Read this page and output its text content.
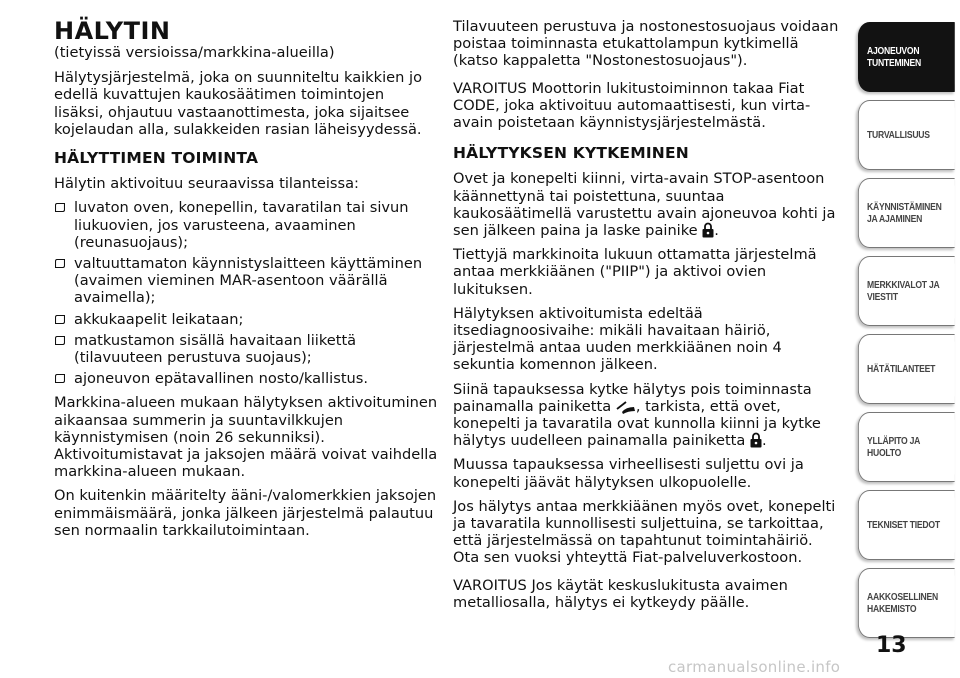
HÄLYTIN

(tietyissä versioissa/markkina-alueilla)

Hälytysjärjestelmä, joka on suunniteltu kaikkien jo edellä kuvattujen kaukosäätimen toimintojen lisäksi, ohjautuu vastaanottimesta, joka sijaitsee kojelaudan alla, sulakkeiden rasian läheisyydessä.

HÄLYTTIMEN TOIMINTA

Hälytin aktivoituu seuraavissa tilanteissa:

luvaton oven, konepellin, tavaratilan tai sivun liukuovien, jos varusteena, avaaminen (reunasuojaus);
valtuuttamaton käynnistyslaitteen käyttäminen (avaimen vieminen MAR-asentoon väärällä avaimella);
akkukaapelit leikataan;
matkustamon sisällä havaitaan liikettä (tilavuuteen perustuva suojaus);
ajoneuvon epätavallinen nosto/kallistus.

Markkina-alueen mukaan hälytyksen aktivoituminen aikaansaa summerin ja suuntavilkkujen käynnistymisen (noin 26 sekunniksi). Aktivoitumistavat ja jaksojen määrä voivat vaihdella markkina-alueen mukaan.

On kuitenkin määritelty ääni-/valomerkkien jaksojen enimmäismäärä, jonka jälkeen järjestelmä palautuu sen normaalin tarkkailutoimintaan.

Tilavuuteen perustuva ja nostonestosuojaus voidaan poistaa toiminnasta etukattolampun kytkimellä (katso kappaletta "Nostonestosuojaus").

VAROITUS Moottorin lukitustoiminnon takaa Fiat CODE, joka aktivoituu automaattisesti, kun virta-avain poistetaan käynnistysjärjestelmästä.

HÄLYTYKSEN KYTKEMINEN

Ovet ja konepelti kiinni, virta-avain STOP-asentoon käännettynä tai poistettuna, suuntaa kaukosäätimellä varustettu avain ajoneuvoa kohti ja sen jälkeen paina ja laske painike .

Tiettyjä markkinoita lukuun ottamatta järjestelmä antaa merkkiäänen ("PIIP") ja aktivoi ovien lukituksen.

Hälytyksen aktivoitumista edeltää itsediagnoosivaihe: mikäli havaitaan häiriö, järjestelmä antaa uuden merkkiäänen noin 4 sekuntia komennon jälkeen.

Siinä tapauksessa kytke hälytys pois toiminnasta painamalla painiketta , tarkista, että ovet, konepelti ja tavaratila ovat kunnolla kiinni ja kytke hälytys uudelleen painamalla painiketta .

Muussa tapauksessa virheellisesti suljettu ovi ja konepelti jäävät hälytyksen ulkopuolelle.

Jos hälytys antaa merkkiäänen myös ovet, konepelti ja tavaratila kunnollisesti suljettuina, se tarkoittaa, että järjestelmässä on tapahtunut toimintahäiriö. Ota sen vuoksi yhteyttä Fiat-palveluverkostoon.

VAROITUS Jos käytät keskuslukitusta avaimen metalliosalla, hälytys ei kytkeydy päälle.

AJONEUVON
TUNTEMINEN
TURVALLISUUS
KÄYNNISTÄMINEN
JA AJAMINEN
MERKKIVALOT JA
VIESTIT
HÄTÄTILANTEET
YLLÄPITO JA HUOLTO
TEKNISET TIEDOT
AAKKOSELLINEN
HAKEMISTO
13
carmanualsonline.info
